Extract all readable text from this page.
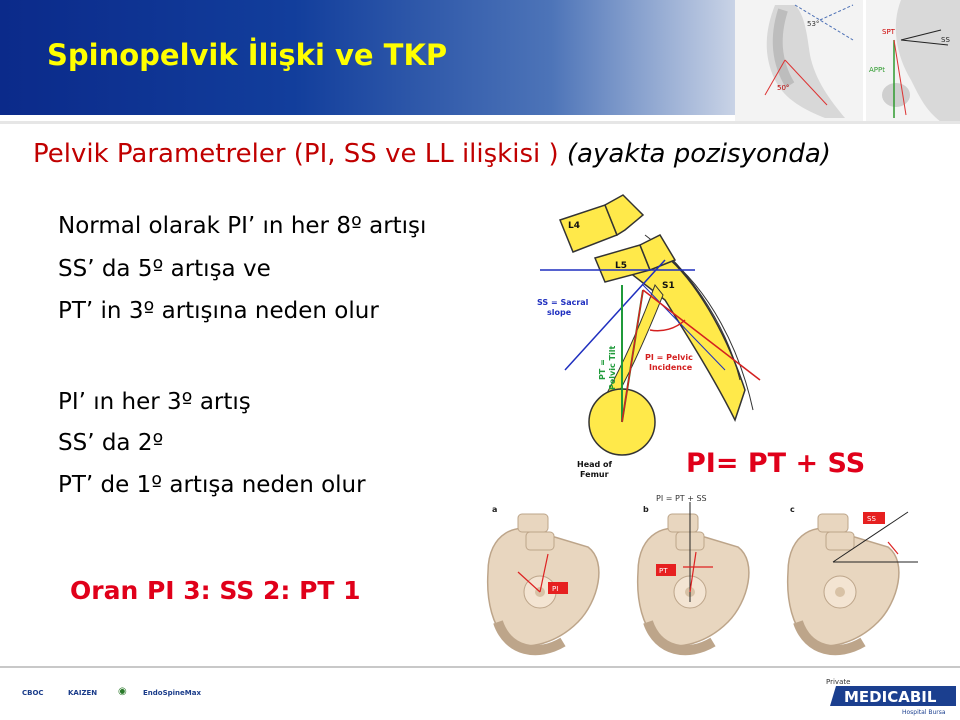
Spinopelvik İlişki ve TKP
53°
50°
SPT
SS
APPt
Pelvik Parametreler (PI, SS ve LL ilişkisi ) (ayakta pozisyonda)
Normal olarak PI’ ın her 8º artışı
SS’ da 5º artışa ve
PT’ in 3º artışına neden olur
PI’ ın her 3º artış
SS’ da 2º
PT’ de 1º artışa neden olur
Oran PI 3: SS 2: PT 1
PI= PT + SS
L4
L5
S1
SS = Sacral
slope
PT = Pelvic Tilt	PI = Pelvic
Incidence
Head of
Femur
PI = PT + SS
a	b	c
PI
PT
SS
CBOC	KAIZEN ◉ EndoSpineMax
Private
MEDICABIL
Hospital Bursa
